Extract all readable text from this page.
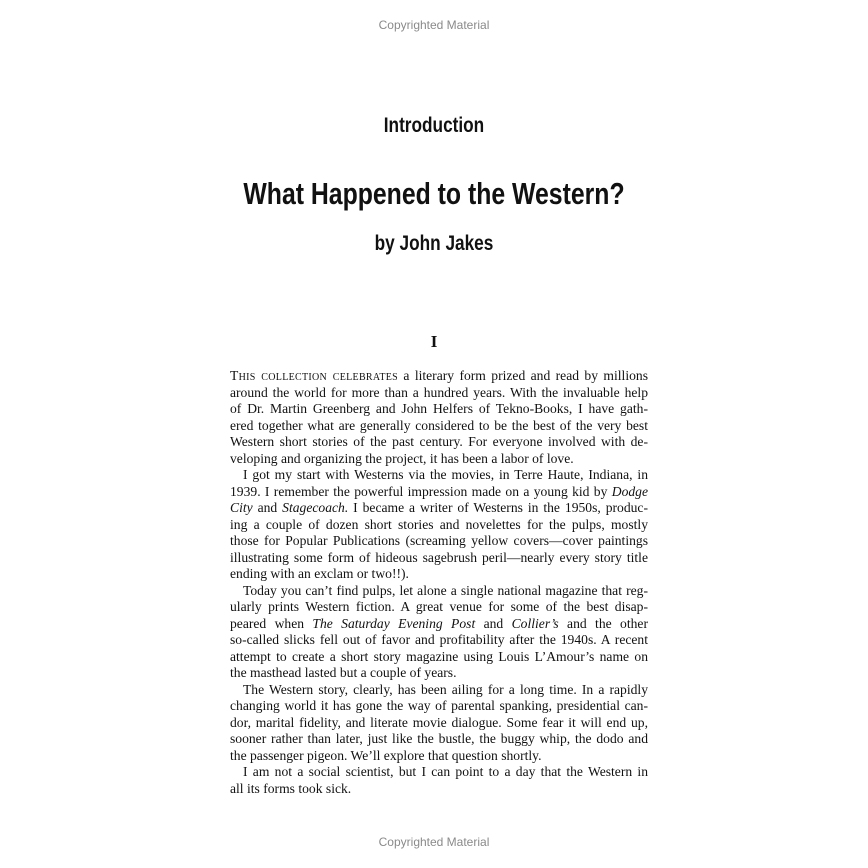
Copyrighted Material
Introduction
What Happened to the Western?
by John Jakes
I
This collection celebrates a literary form prized and read by millions
around the world for more than a hundred years. With the invaluable help
of Dr. Martin Greenberg and John Helfers of Tekno-Books, I have gath-
ered together what are generally considered to be the best of the very best
Western short stories of the past century. For everyone involved with de-
veloping and organizing the project, it has been a labor of love.
I got my start with Westerns via the movies, in Terre Haute, Indiana, in
1939. I remember the powerful impression made on a young kid by Dodge
City and Stagecoach. I became a writer of Westerns in the 1950s, produc-
ing a couple of dozen short stories and novelettes for the pulps, mostly
those for Popular Publications (screaming yellow covers—cover paintings
illustrating some form of hideous sagebrush peril—nearly every story title
ending with an exclam or two!!).
Today you can’t find pulps, let alone a single national magazine that reg-
ularly prints Western fiction. A great venue for some of the best disap-
peared when The Saturday Evening Post and Collier’s and the other
so-called slicks fell out of favor and profitability after the 1940s. A recent
attempt to create a short story magazine using Louis L’Amour’s name on
the masthead lasted but a couple of years.
The Western story, clearly, has been ailing for a long time. In a rapidly
changing world it has gone the way of parental spanking, presidential can-
dor, marital fidelity, and literate movie dialogue. Some fear it will end up,
sooner rather than later, just like the bustle, the buggy whip, the dodo and
the passenger pigeon. We’ll explore that question shortly.
I am not a social scientist, but I can point to a day that the Western in
all its forms took sick.
Copyrighted Material
